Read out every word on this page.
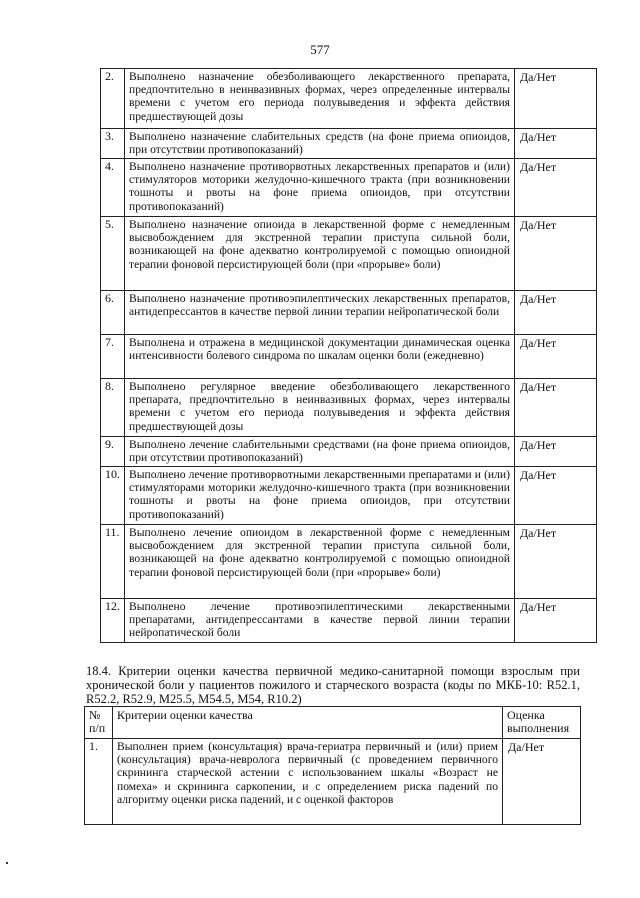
577
2.	Выполнено назначение обезболивающего лекарственного препарата, предпочтительно в неинвазивных формах, через определенные интервалы времени с учетом его периода полувыведения и эффекта действия предшествующей дозы	Да/Нет
3.	Выполнено назначение слабительных средств (на фоне приема опиоидов, при отсутствии противопоказаний)	Да/Нет
4.	Выполнено назначение противорвотных лекарственных препаратов и (или) стимуляторов моторики желудочно-кишечного тракта (при возникновении тошноты и рвоты на фоне приема опиоидов, при отсутствии противопоказаний)	Да/Нет
5.	Выполнено назначение опиоида в лекарственной форме с немедленным высвобождением для экстренной терапии приступа сильной боли, возникающей на фоне адекватно контролируемой с помощью опиоидной терапии фоновой персистирующей боли (при «прорыве» боли)	Да/Нет
6.	Выполнено назначение противоэпилептических лекарственных препаратов, антидепрессантов в качестве первой линии терапии нейропатической боли	Да/Нет
7.	Выполнена и отражена в медицинской документации динамическая оценка интенсивности болевого синдрома по шкалам оценки боли (ежедневно)	Да/Нет
8.	Выполнено регулярное введение обезболивающего лекарственного препарата, предпочтительно в неинвазивных формах, через интервалы времени с учетом его периода полувыведения и эффекта действия предшествующей дозы	Да/Нет
9.	Выполнено лечение слабительными средствами (на фоне приема опиоидов, при отсутствии противопоказаний)	Да/Нет
10.	Выполнено лечение противорвотными лекарственными препаратами и (или) стимуляторами моторики желудочно-кишечного тракта (при возникновении тошноты и рвоты на фоне приема опиоидов, при отсутствии противопоказаний)	Да/Нет
11.	Выполнено лечение опиоидом в лекарственной форме с немедленным высвобождением для экстренной терапии приступа сильной боли, возникающей на фоне адекватно контролируемой с помощью опиоидной терапии фоновой персистирующей боли (при «прорыве» боли)	Да/Нет
12.	Выполнено лечение противоэпилептическими лекарственными препаратами, антидепрессантами в качестве первой линии терапии нейропатической боли	Да/Нет
18.4. Критерии оценки качества первичной медико-санитарной помощи взрослым при хронической боли у пациентов пожилого и старческого возраста (коды по МКБ-10: R52.1, R52.2, R52.9, M25.5, M54.5, M54, R10.2)
№ п/п	Критерии оценки качества	Оценка выполнения
1.	Выполнен прием (консультация) врача-гериатра первичный и (или) прием (консультация) врача-невролога первичный (с проведением первичного скрининга старческой астении с использованием шкалы «Возраст не помеха» и скрининга саркопении, и с определением риска падений по алгоритму оценки риска падений, и с оценкой факторов	Да/Нет
